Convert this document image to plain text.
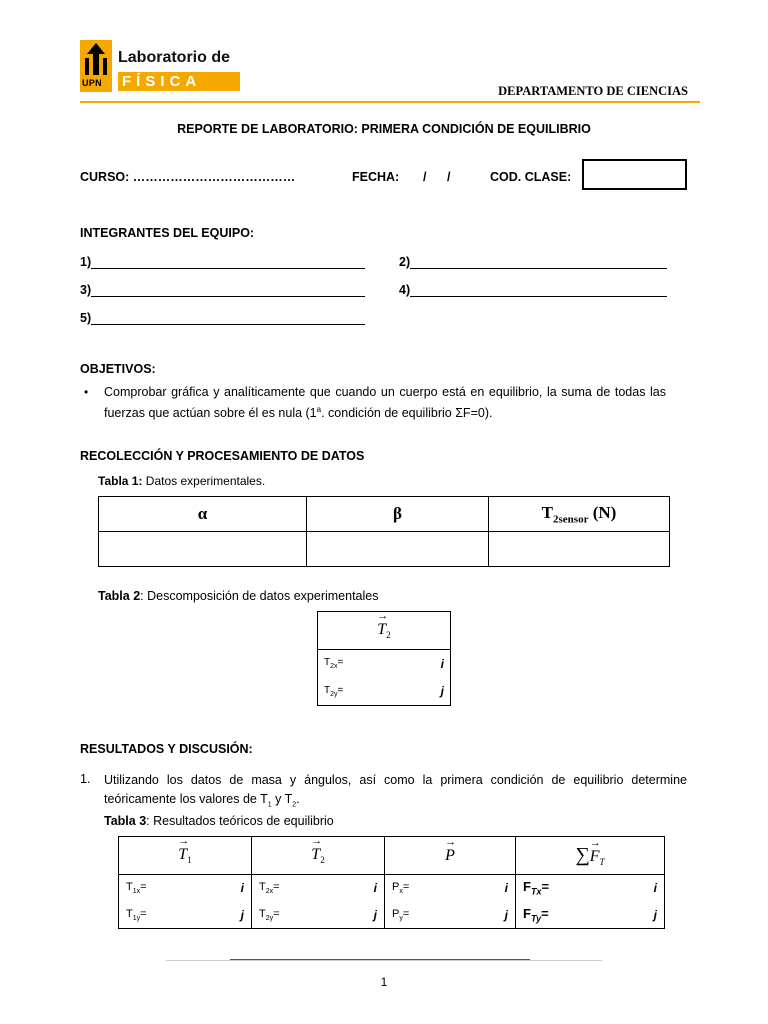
UPN
Laboratorio de
FÍSICA
DEPARTAMENTO DE CIENCIAS
REPORTE DE LABORATORIO: PRIMERA CONDICIÓN DE EQUILIBRIO
CURSO: …………………………………	FECHA: / /	COD. CLASE:
INTEGRANTES DEL EQUIPO:
1)	2)
3)	4)
5)
OBJETIVOS:
• Comprobar gráfica y analíticamente que cuando un cuerpo está en equilibrio, la suma de todas las fuerzas que actúan sobre él es nula (1$^a$. condición de equilibrio ΣF=0).
RECOLECCIÓN Y PROCESAMIENTO DE DATOS
Tabla 1: Datos experimentales.
α	β	$T_{2sensor}$ (N)

Tabla 2: Descomposición de datos experimentales
→ $T_2$

$T_{2x}=$	i

$T_{2y}=$	j
RESULTADOS Y DISCUSIÓN:
1. Utilizando los datos de masa y ángulos, así como la primera condición de equilibrio determine teóricamente los valores de $T_1$ y $T_2$.
Tabla 3: Resultados teóricos de equilibrio
→ $T_1$	→ $T_2$	→ P	∑→ $F_T$

$T_{1x}= i$	$T_{2x}= i$	$P_x= i$	$F_{Tx}= i$

$T_{1y}= j$	$T_{2y}= j$	$P_y= j$	$F_{Ty}= j$
1
